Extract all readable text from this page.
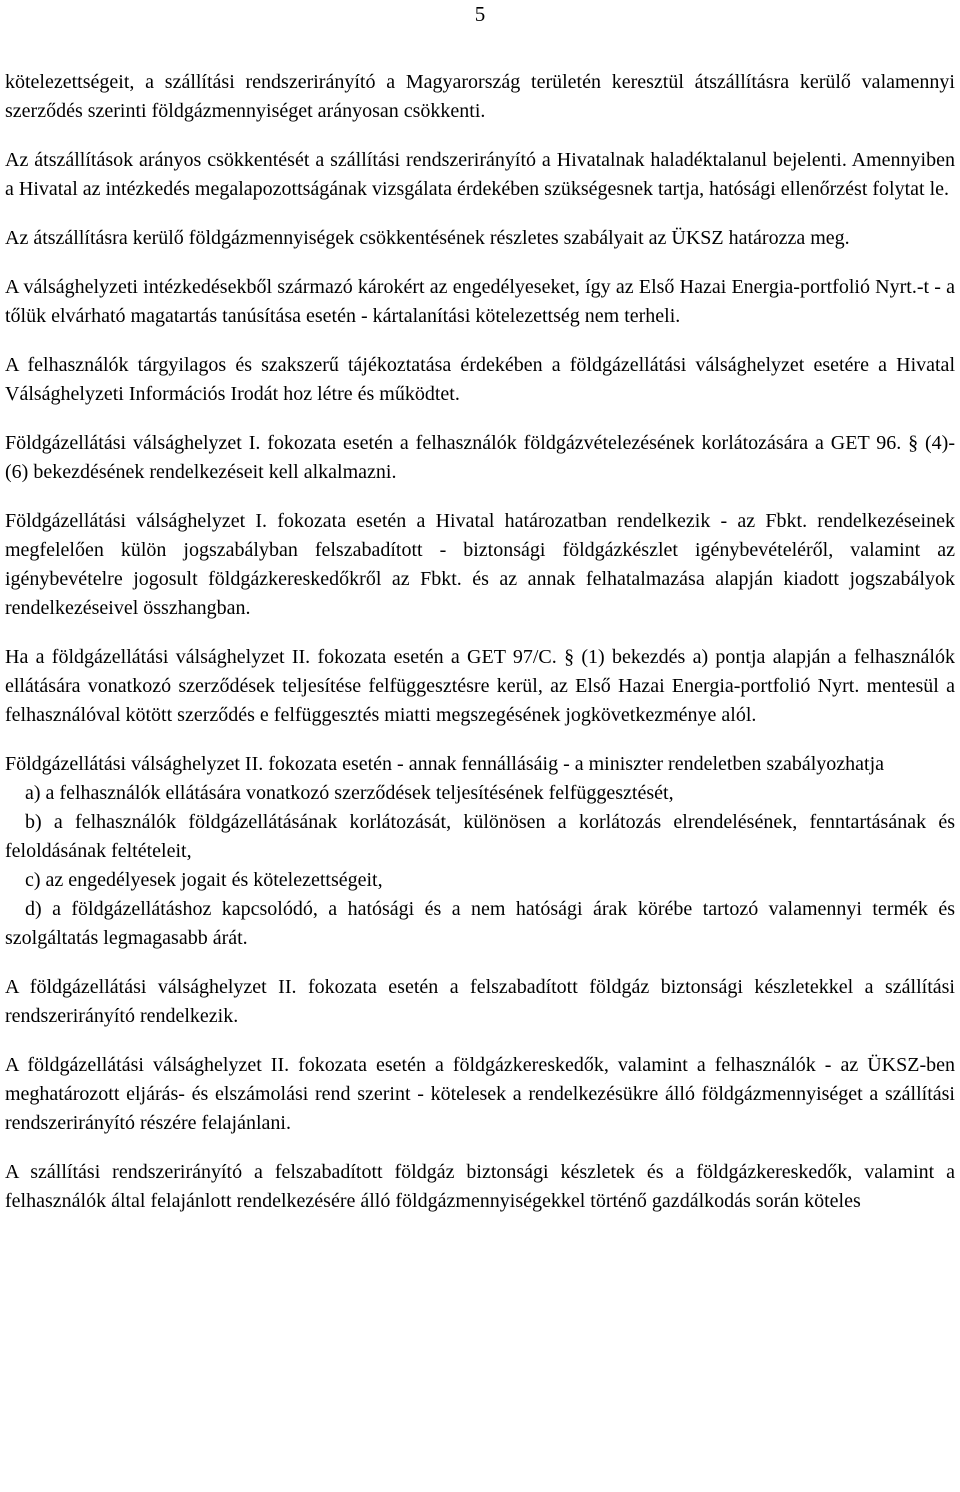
5

kötelezettségeit, a szállítási rendszerirányító a Magyarország területén keresztül átszállításra kerülő valamennyi szerződés szerinti földgázmennyiséget arányosan csökkenti.

Az átszállítások arányos csökkentését a szállítási rendszerirányító a Hivatalnak haladéktalanul bejelenti. Amennyiben a Hivatal az intézkedés megalapozottságának vizsgálata érdekében szükségesnek tartja, hatósági ellenőrzést folytat le.

Az átszállításra kerülő földgázmennyiségek csökkentésének részletes szabályait az ÜKSZ határozza meg.

A válsághelyzeti intézkedésekből származó károkért az engedélyeseket, így az Első Hazai Energia-portfolió Nyrt.-t - a tőlük elvárható magatartás tanúsítása esetén - kártalanítási kötelezettség nem terheli.

A felhasználók tárgyilagos és szakszerű tájékoztatása érdekében a földgázellátási válsághelyzet esetére a Hivatal Válsághelyzeti Információs Irodát hoz létre és működtet.

Földgázellátási válsághelyzet I. fokozata esetén a felhasználók földgázvételezésének korlátozására a GET 96. § (4)- (6) bekezdésének rendelkezéseit kell alkalmazni.

Földgázellátási válsághelyzet I. fokozata esetén a Hivatal határozatban rendelkezik - az Fbkt. rendelkezéseinek megfelelően külön jogszabályban felszabadított - biztonsági földgázkészlet igénybevételéről, valamint az igénybevételre jogosult földgázkereskedőkről az Fbkt. és az annak felhatalmazása alapján kiadott jogszabályok rendelkezéseivel összhangban.

Ha a földgázellátási válsághelyzet II. fokozata esetén a GET 97/C. § (1) bekezdés a) pontja alapján a felhasználók ellátására vonatkozó szerződések teljesítése felfüggesztésre kerül, az Első Hazai Energia-portfolió Nyrt. mentesül a felhasználóval kötött szerződés e felfüggesztés miatti megszegésének jogkövetkezménye alól.

Földgázellátási válsághelyzet II. fokozata esetén - annak fennállásáig - a miniszter rendeletben szabályozhatja

a) a felhasználók ellátására vonatkozó szerződések teljesítésének felfüggesztését,

b) a felhasználók földgázellátásának korlátozását, különösen a korlátozás elrendelésének, fenntartásának és feloldásának feltételeit,

c) az engedélyesek jogait és kötelezettségeit,

d) a földgázellátáshoz kapcsolódó, a hatósági és a nem hatósági árak körébe tartozó valamennyi termék és szolgáltatás legmagasabb árát.

A földgázellátási válsághelyzet II. fokozata esetén a felszabadított földgáz biztonsági készletekkel a szállítási rendszerirányító rendelkezik.

A földgázellátási válsághelyzet II. fokozata esetén a földgázkereskedők, valamint a felhasználók - az ÜKSZ-ben meghatározott eljárás- és elszámolási rend szerint - kötelesek a rendelkezésükre álló földgázmennyiséget a szállítási rendszerirányító részére felajánlani.

A szállítási rendszerirányító a felszabadított földgáz biztonsági készletek és a földgázkereskedők, valamint a felhasználók által felajánlott rendelkezésére álló földgázmennyiségekkel történő gazdálkodás során köteles
